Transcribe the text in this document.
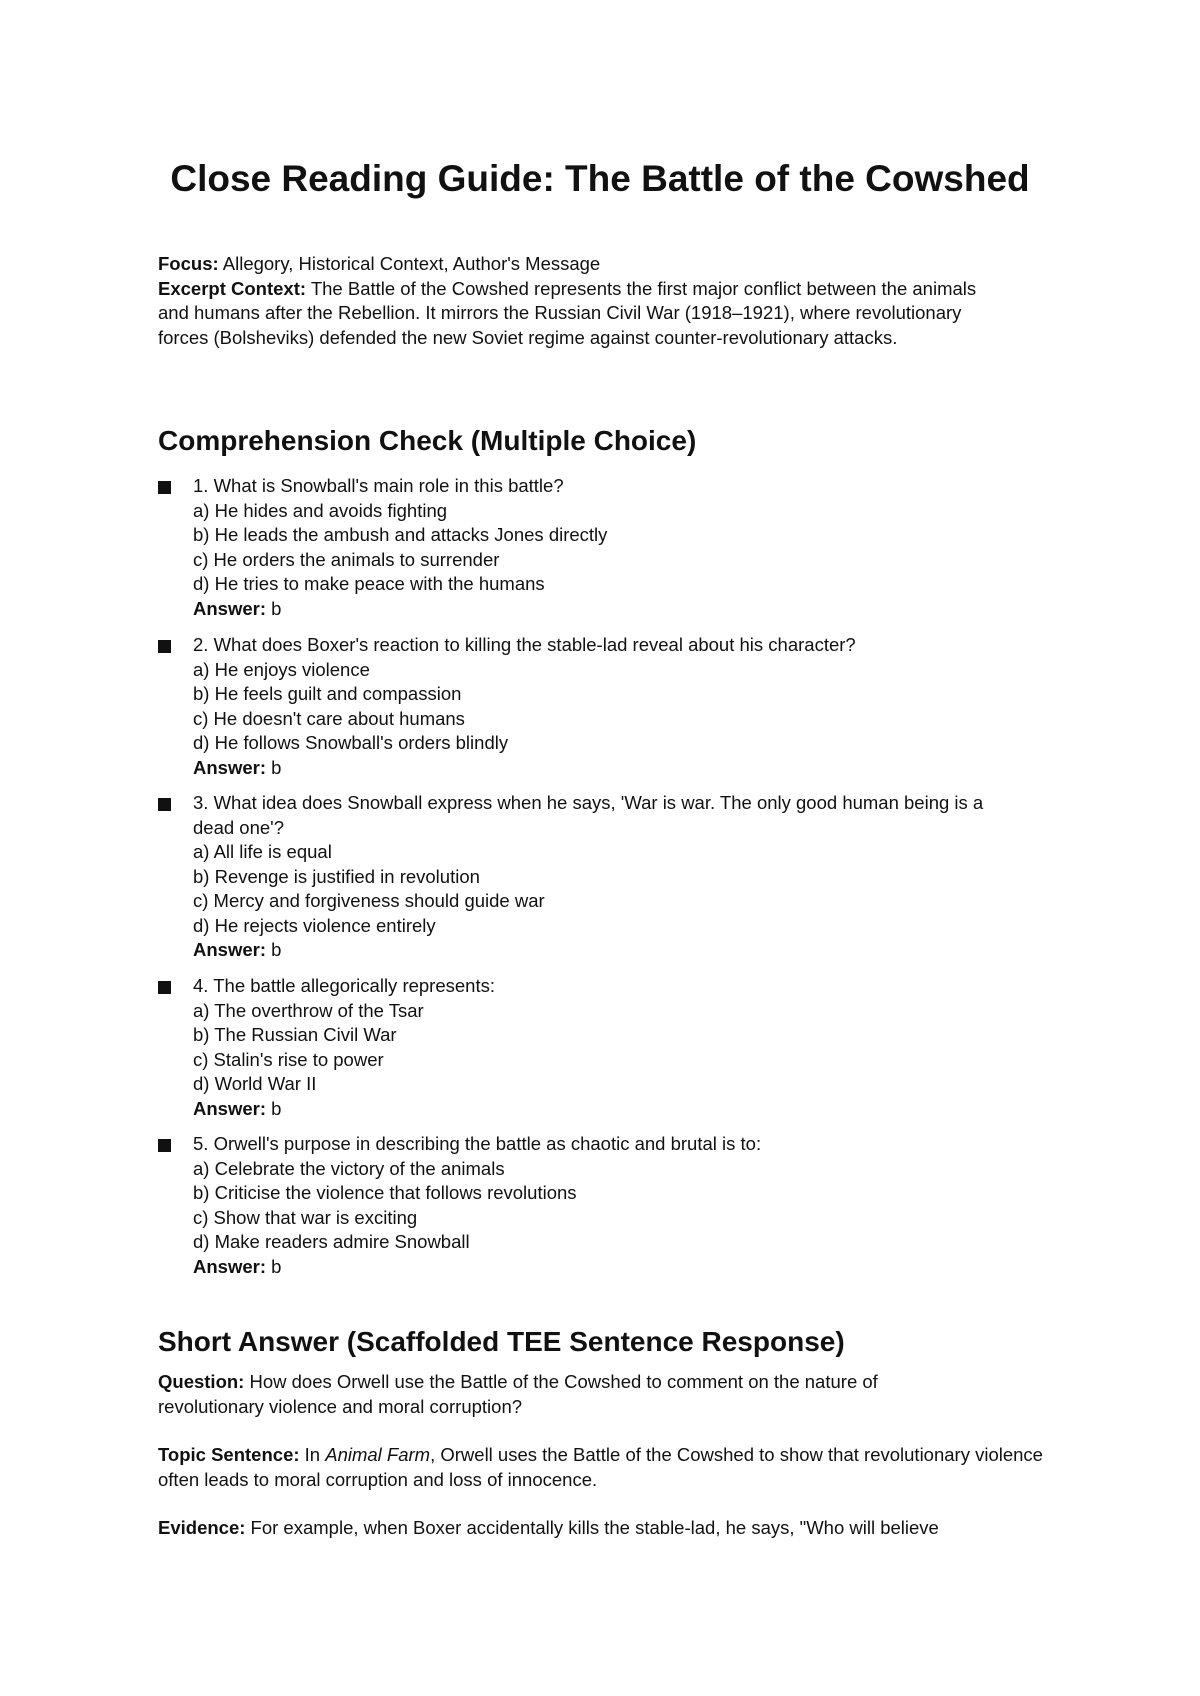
Close Reading Guide: The Battle of the Cowshed

Focus: Allegory, Historical Context, Author's Message

Excerpt Context: The Battle of the Cowshed represents the first major conflict between the animals and humans after the Rebellion. It mirrors the Russian Civil War (1918–1921), where revolutionary forces (Bolsheviks) defended the new Soviet regime against counter-revolutionary attacks.

Comprehension Check (Multiple Choice)
1. What is Snowball's main role in this battle?
a) He hides and avoids fighting
b) He leads the ambush and attacks Jones directly
c) He orders the animals to surrender
d) He tries to make peace with the humans
Answer: b
2. What does Boxer's reaction to killing the stable-lad reveal about his character?
a) He enjoys violence
b) He feels guilt and compassion
c) He doesn't care about humans
d) He follows Snowball's orders blindly
Answer: b
3. What idea does Snowball express when he says, 'War is war. The only good human being is a dead one'?
a) All life is equal
b) Revenge is justified in revolution
c) Mercy and forgiveness should guide war
d) He rejects violence entirely
Answer: b
4. The battle allegorically represents:
a) The overthrow of the Tsar
b) The Russian Civil War
c) Stalin's rise to power
d) World War II
Answer: b
5. Orwell's purpose in describing the battle as chaotic and brutal is to:
a) Celebrate the victory of the animals
b) Criticise the violence that follows revolutions
c) Show that war is exciting
d) Make readers admire Snowball
Answer: b
Short Answer (Scaffolded TEE Sentence Response)

Question: How does Orwell use the Battle of the Cowshed to comment on the nature of revolutionary violence and moral corruption?

Topic Sentence: In Animal Farm, Orwell uses the Battle of the Cowshed to show that revolutionary violence often leads to moral corruption and loss of innocence.

Evidence: For example, when Boxer accidentally kills the stable-lad, he says, "Who will believe
